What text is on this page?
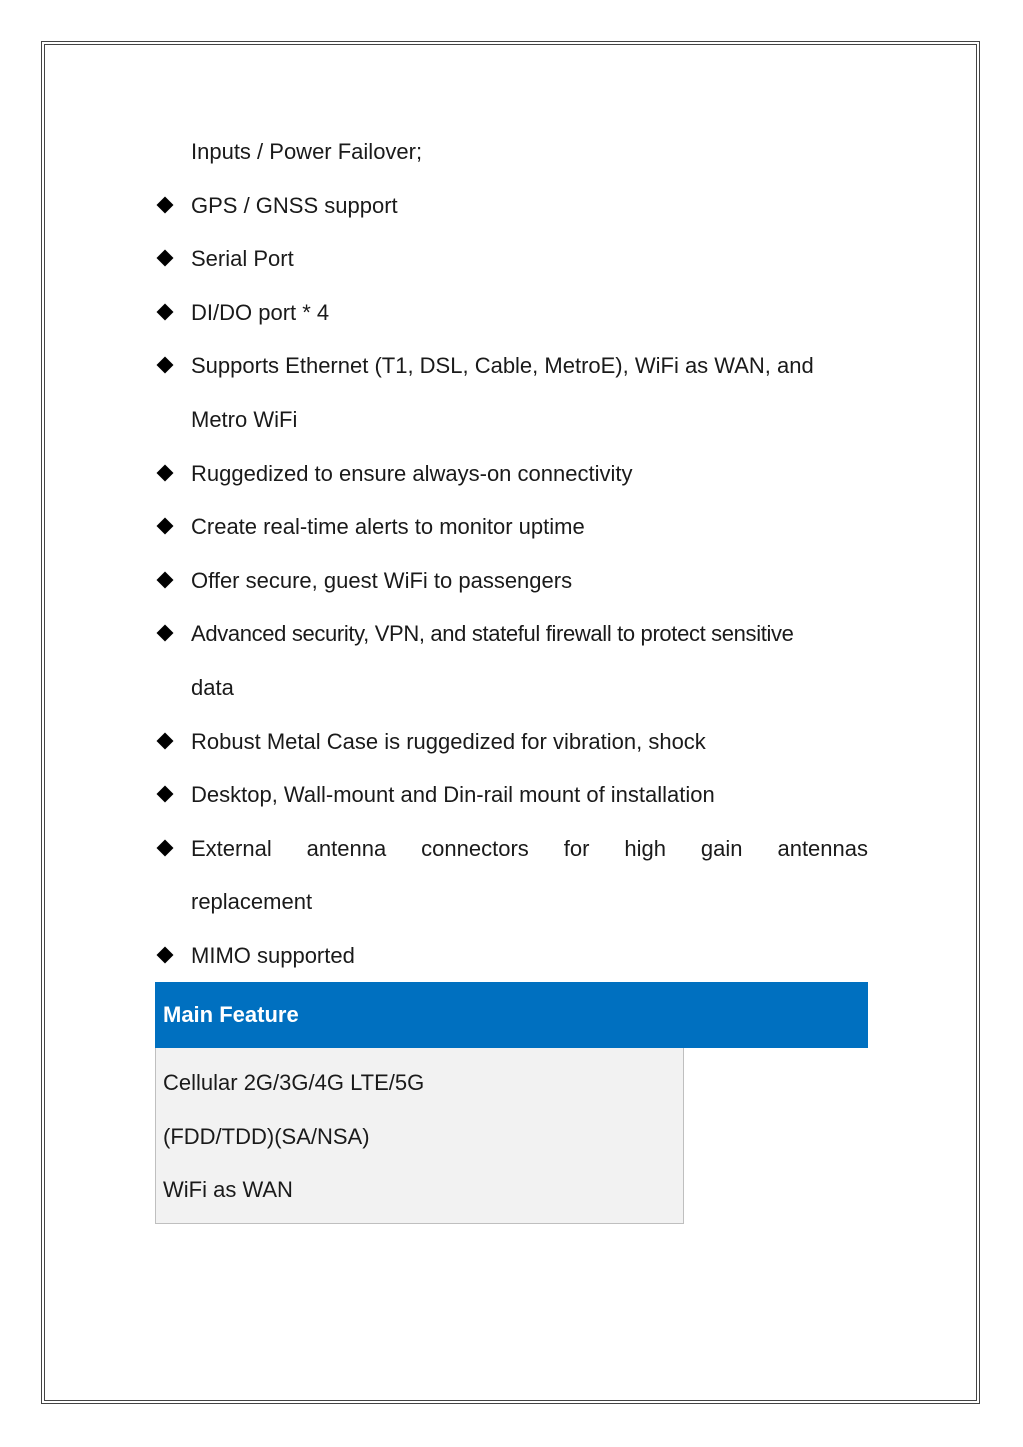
Inputs / Power Failover;
GPS / GNSS support
Serial Port
DI/DO port * 4
Supports Ethernet (T1, DSL, Cable, MetroE), WiFi as WAN, and
Metro WiFi
Ruggedized to ensure always-on connectivity
Create real-time alerts to monitor uptime
Offer secure, guest WiFi to passengers
Advanced security, VPN, and stateful firewall to protect sensitive
data
Robust Metal Case is ruggedized for vibration, shock
Desktop, Wall-mount and Din-rail mount of installation
External antenna connectors for high gain antennas
replacement
MIMO supported
Main Feature
Cellular 2G/3G/4G LTE/5G
(FDD/TDD)(SA/NSA)
WiFi as WAN
